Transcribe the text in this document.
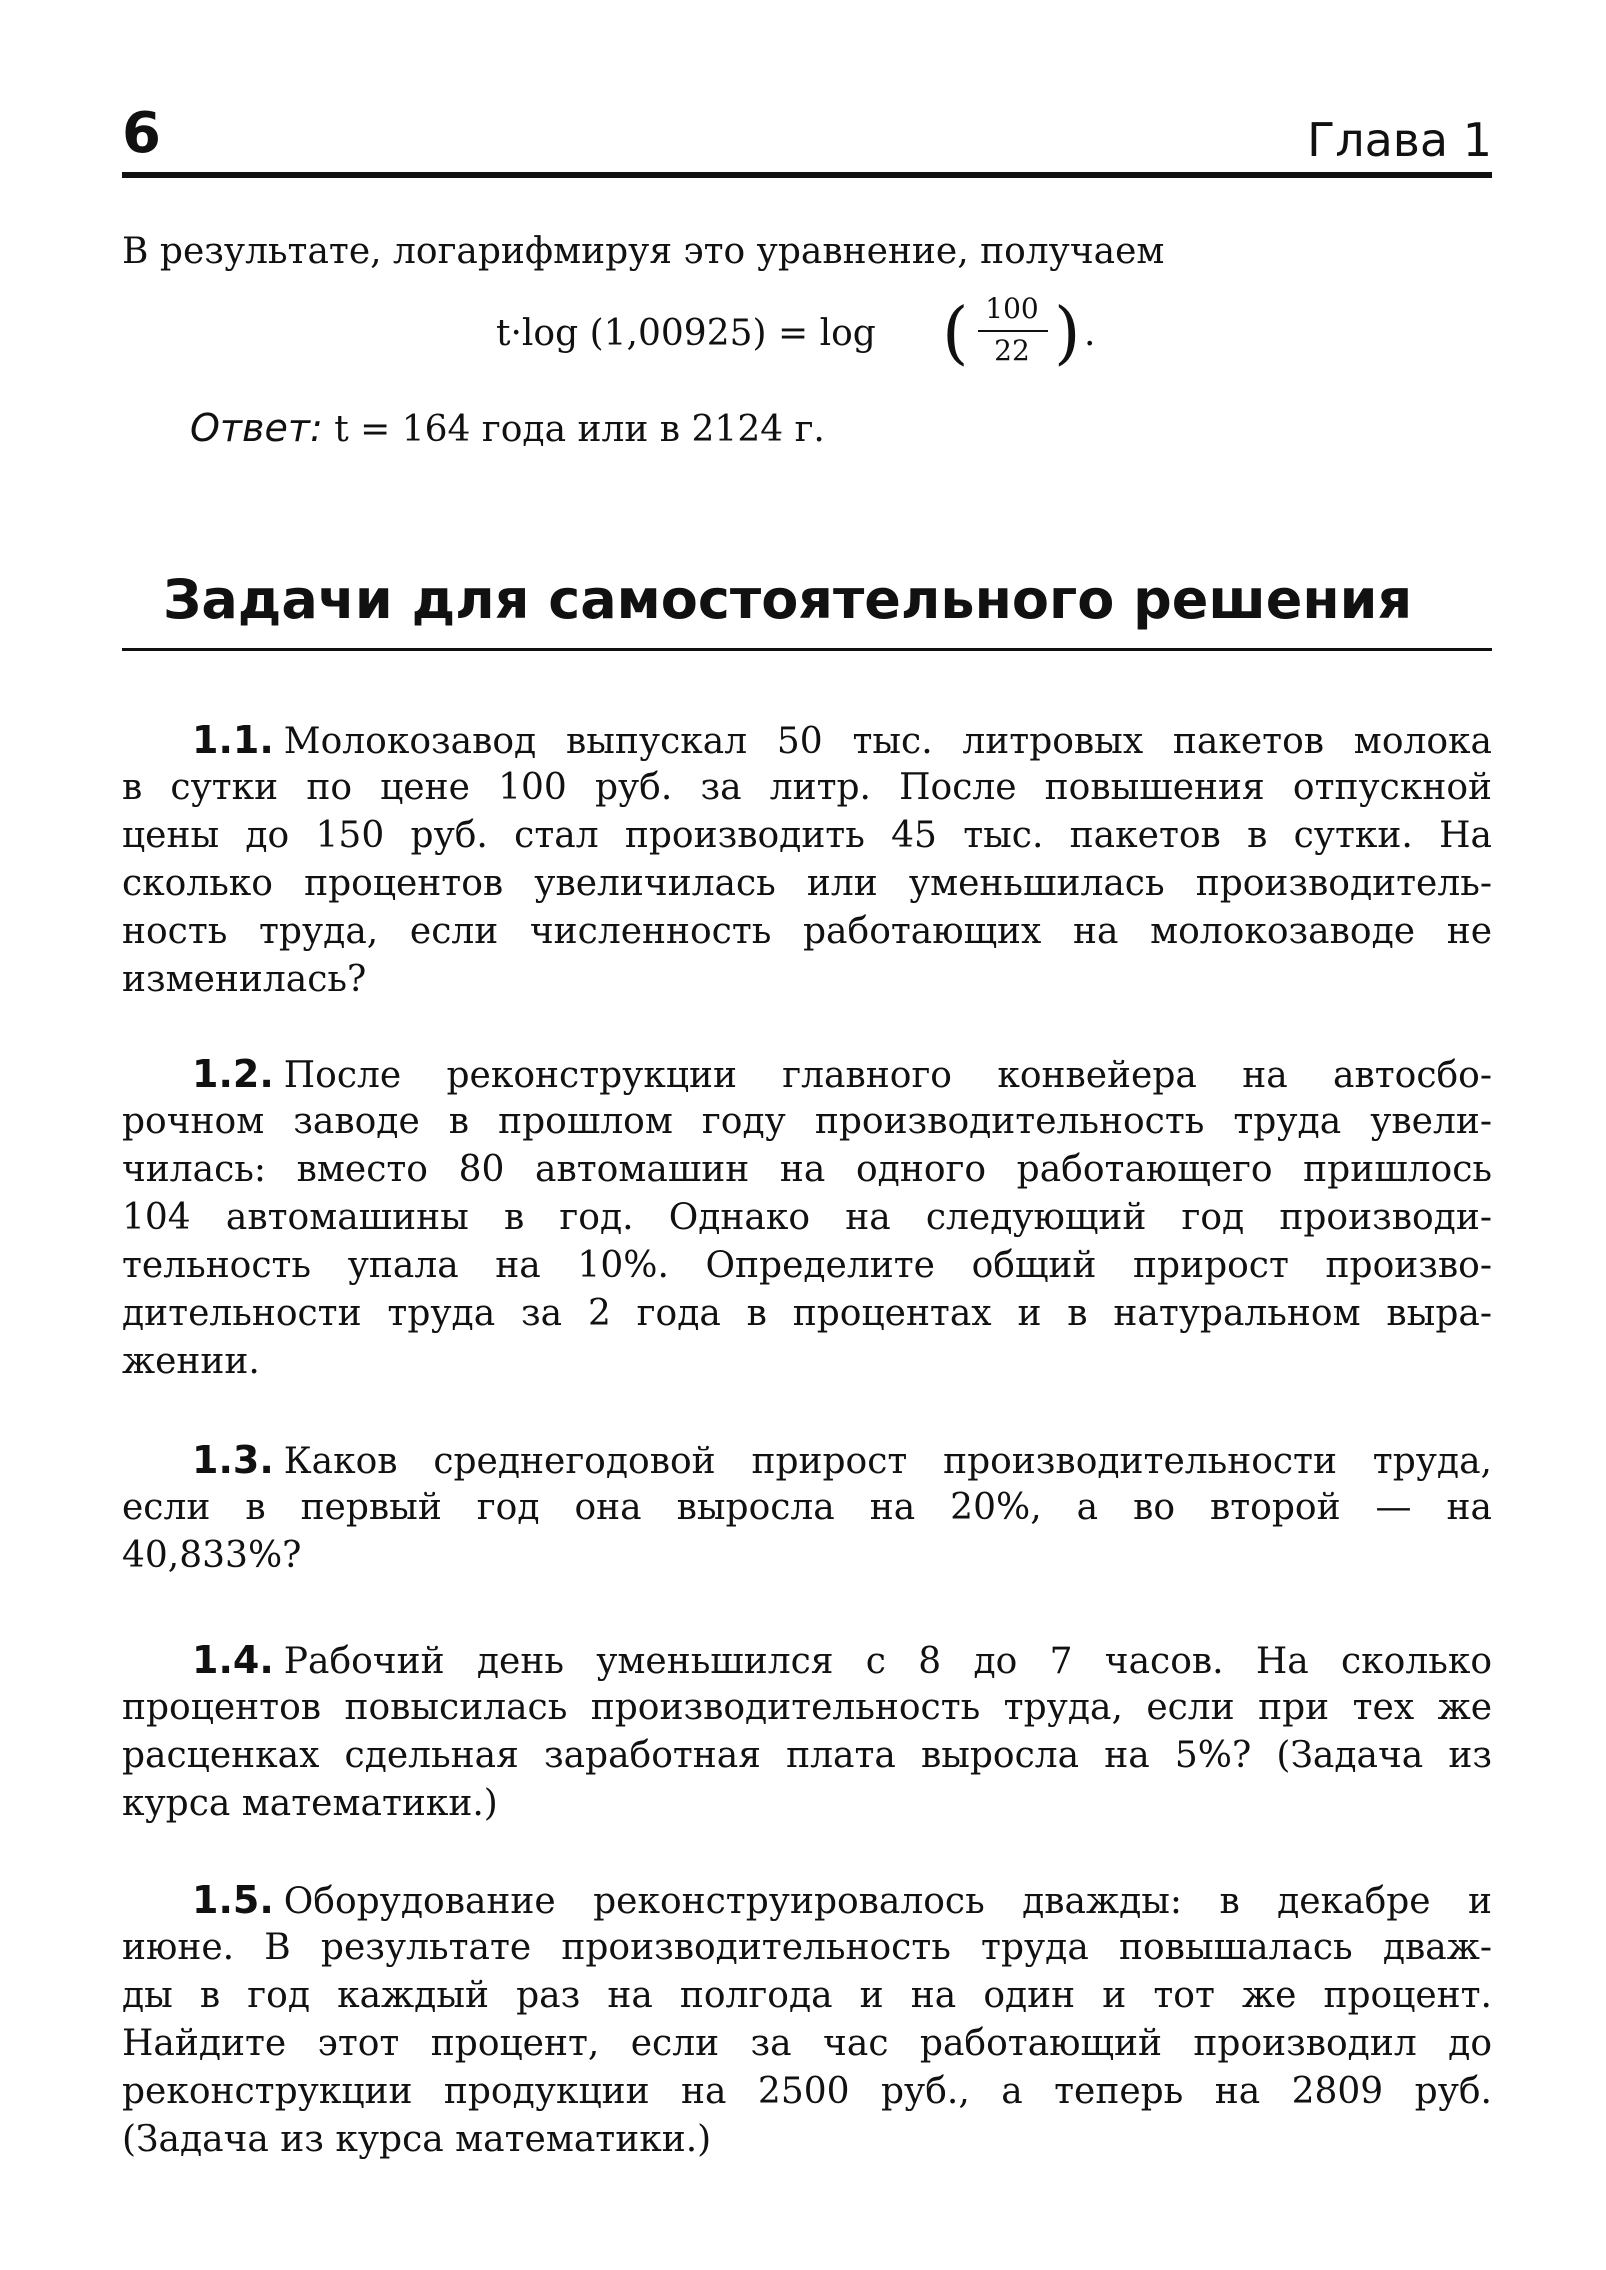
6	Глава 1
В результате, логарифмируя это уравнение, получаем
t·log (1,00925) = log ( 100
22 ) .
Ответ: t = 164 года или в 2124 г.
Задачи для самостоятельного решения
1.1. Молокозавод выпускал 50 тыс. литровых пакетов молока
в сутки по цене 100 руб. за литр. После повышения отпускной
цены до 150 руб. стал производить 45 тыс. пакетов в сутки. На
сколько процентов увеличилась или уменьшилась производитель-
ность труда, если численность работающих на молокозаводе не
изменилась?
1.2. После реконструкции главного конвейера на автосбо-
рочном заводе в прошлом году производительность труда увели-
чилась: вместо 80 автомашин на одного работающего пришлось
104 автомашины в год. Однако на следующий год производи-
тельность упала на 10%. Определите общий прирост произво-
дительности труда за 2 года в процентах и в натуральном выра-
жении.
1.3. Каков среднегодовой прирост производительности труда,
если в первый год она выросла на 20%, а во второй — на
40,833%?
1.4. Рабочий день уменьшился с 8 до 7 часов. На сколько
процентов повысилась производительность труда, если при тех же
расценках сдельная заработная плата выросла на 5%? (Задача из
курса математики.)
1.5. Оборудование реконструировалось дважды: в декабре и
июне. В результате производительность труда повышалась дваж-
ды в год каждый раз на полгода и на один и тот же процент.
Найдите этот процент, если за час работающий производил до
реконструкции продукции на 2500 руб., а теперь на 2809 руб.
(Задача из курса математики.)
